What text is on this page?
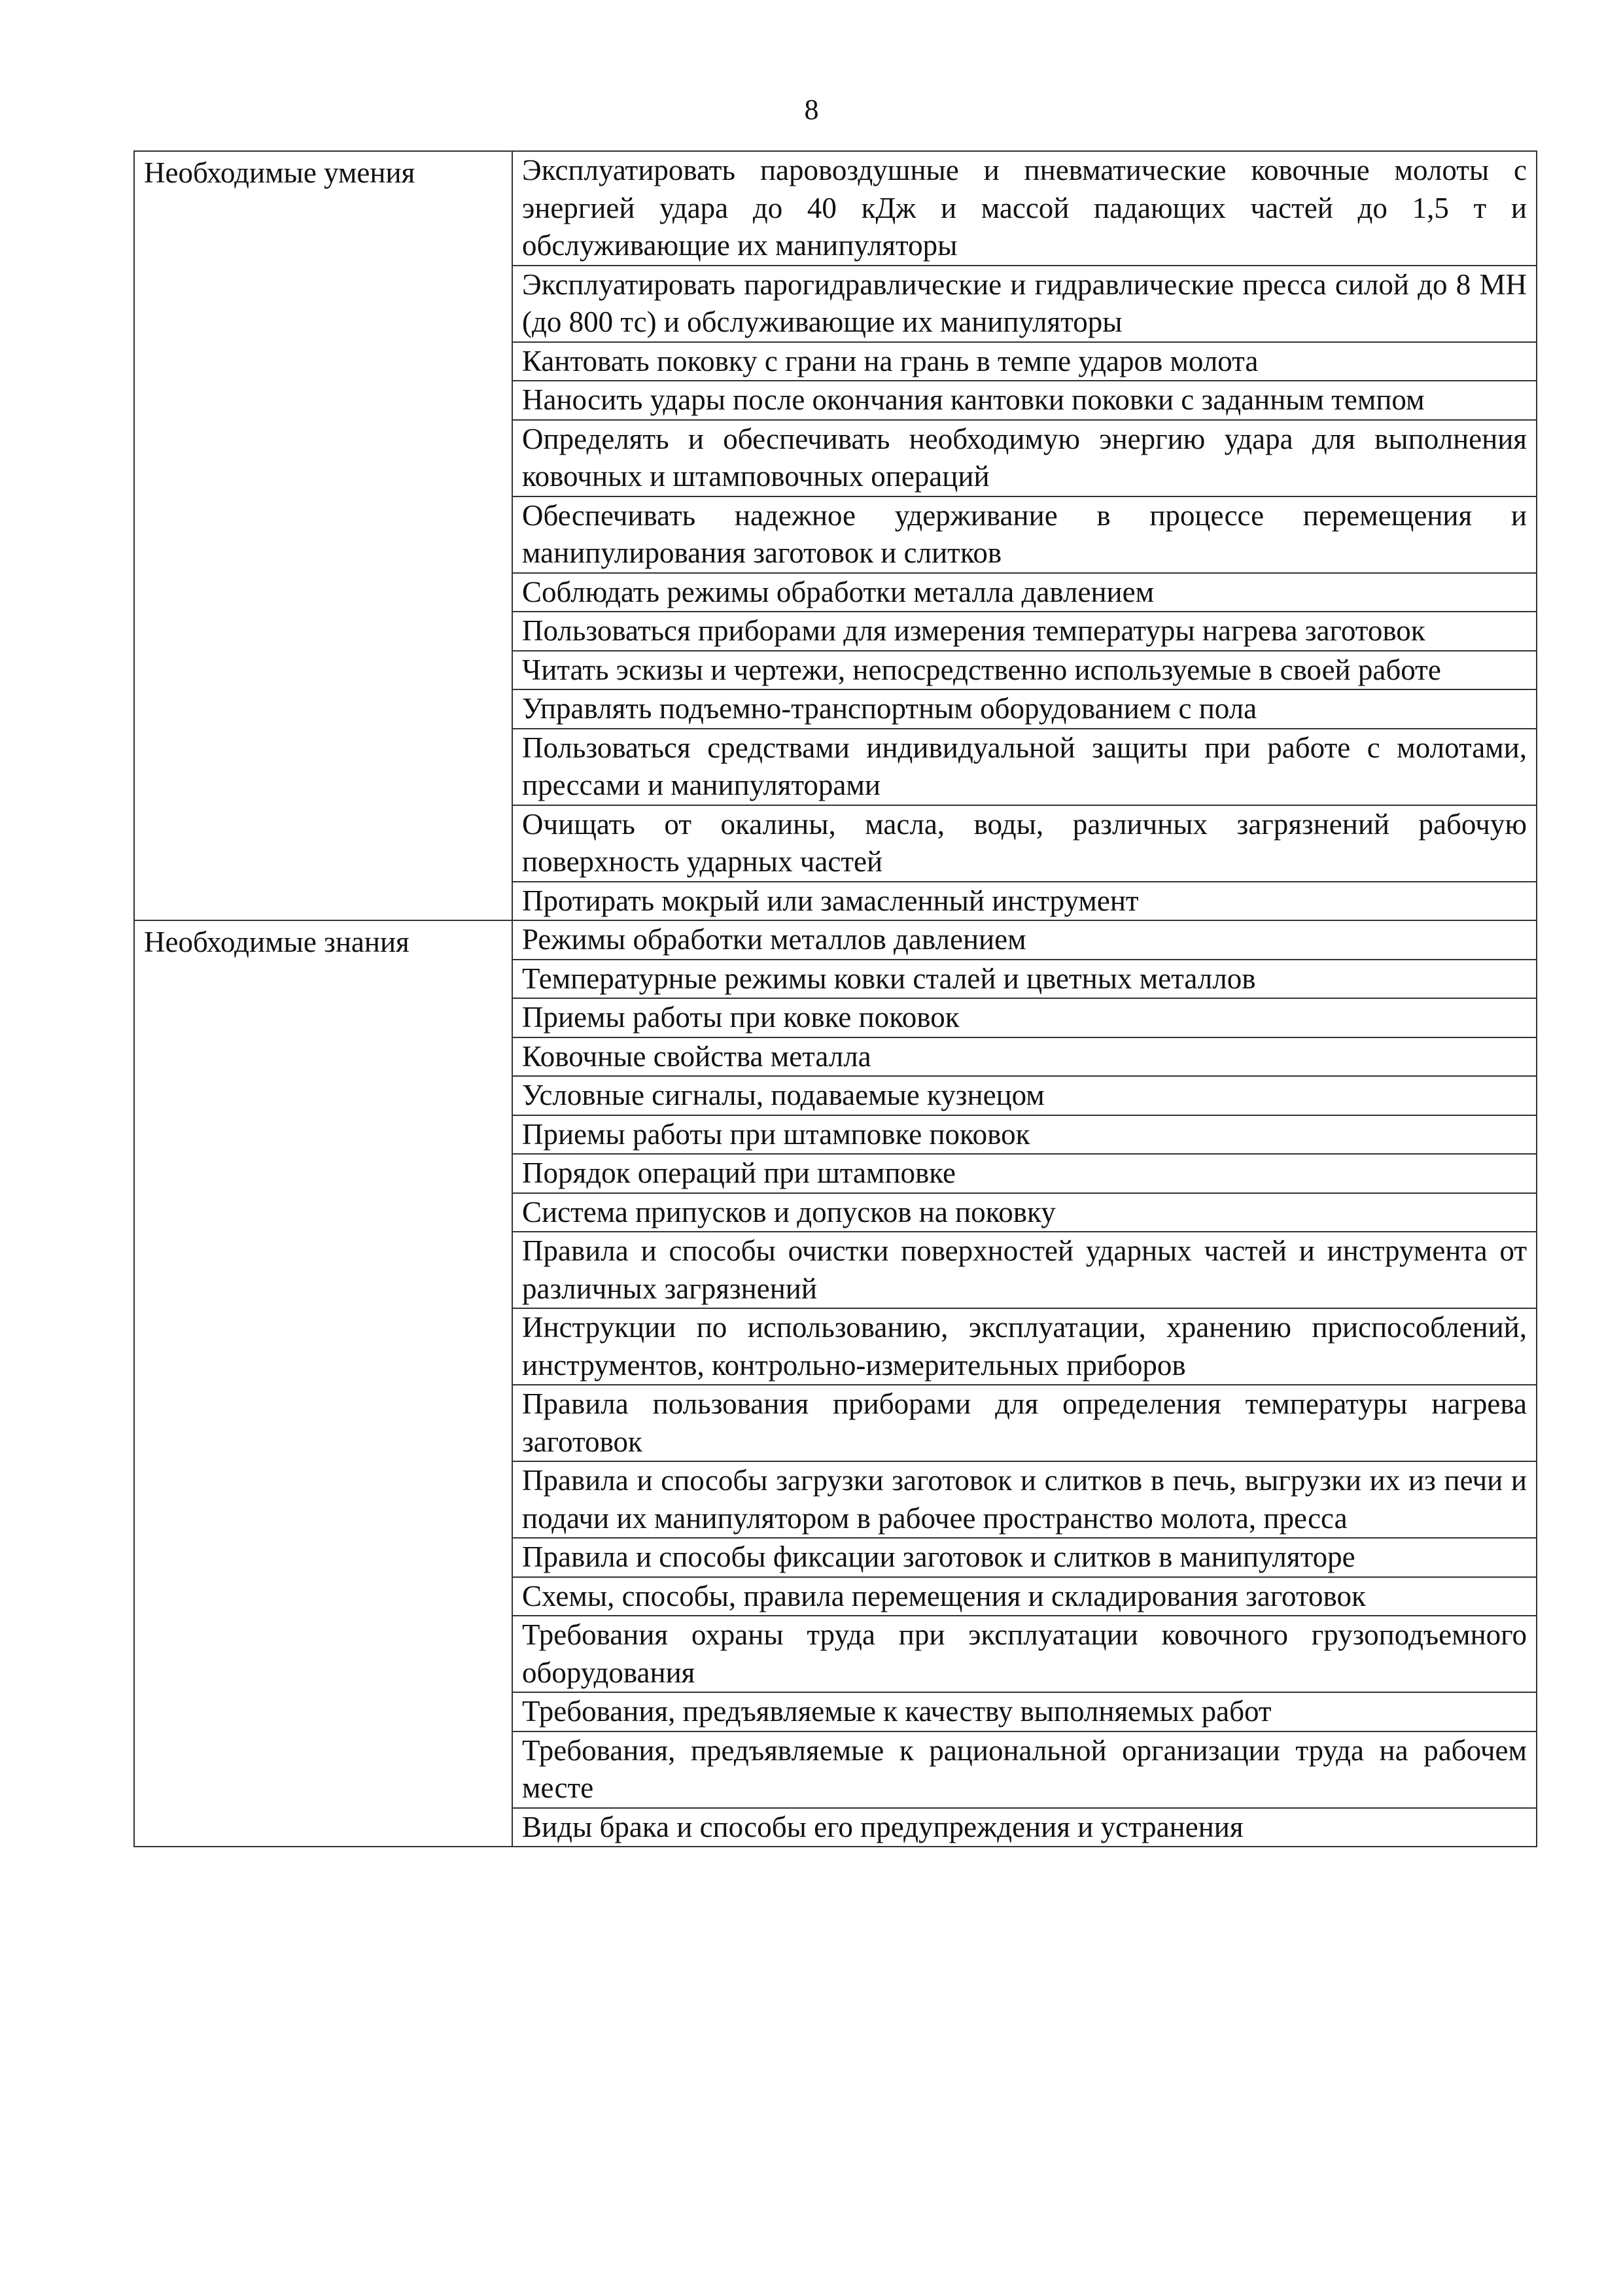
8
Необходимые умения	Эксплуатировать паровоздушные и пневматические ковочные молоты с энергией удара до 40 кДж и массой падающих частей до 1,5 т и обслуживающие их манипуляторы
	Эксплуатировать парогидравлические и гидравлические пресса силой до 8 МН (до 800 тс) и обслуживающие их манипуляторы
	Кантовать поковку с грани на грань в темпе ударов молота
	Наносить удары после окончания кантовки поковки с заданным темпом
	Определять и обеспечивать необходимую энергию удара для выполнения ковочных и штамповочных операций
	Обеспечивать надежное удерживание в процессе перемещения и манипулирования заготовок и слитков
	Соблюдать режимы обработки металла давлением
	Пользоваться приборами для измерения температуры нагрева заготовок
	Читать эскизы и чертежи, непосредственно используемые в своей работе
	Управлять подъемно-транспортным оборудованием с пола
	Пользоваться средствами индивидуальной защиты при работе с молотами, прессами и манипуляторами
	Очищать от окалины, масла, воды, различных загрязнений рабочую поверхность ударных частей
	Протирать мокрый или замасленный инструмент
Необходимые знания	Режимы обработки металлов давлением
	Температурные режимы ковки сталей и цветных металлов
	Приемы работы при ковке поковок
	Ковочные свойства металла
	Условные сигналы, подаваемые кузнецом
	Приемы работы при штамповке поковок
	Порядок операций при штамповке
	Система припусков и допусков на поковку
	Правила и способы очистки поверхностей ударных частей и инструмента от различных загрязнений
	Инструкции по использованию, эксплуатации, хранению приспособлений, инструментов, контрольно-измерительных приборов
	Правила пользования приборами для определения температуры нагрева заготовок
	Правила и способы загрузки заготовок и слитков в печь, выгрузки их из печи и подачи их манипулятором в рабочее пространство молота, пресса
	Правила и способы фиксации заготовок и слитков в манипуляторе
	Схемы, способы, правила перемещения и складирования заготовок
	Требования охраны труда при эксплуатации ковочного грузоподъемного оборудования
	Требования, предъявляемые к качеству выполняемых работ
	Требования, предъявляемые к рациональной организации труда на рабочем месте
	Виды брака и способы его предупреждения и устранения
